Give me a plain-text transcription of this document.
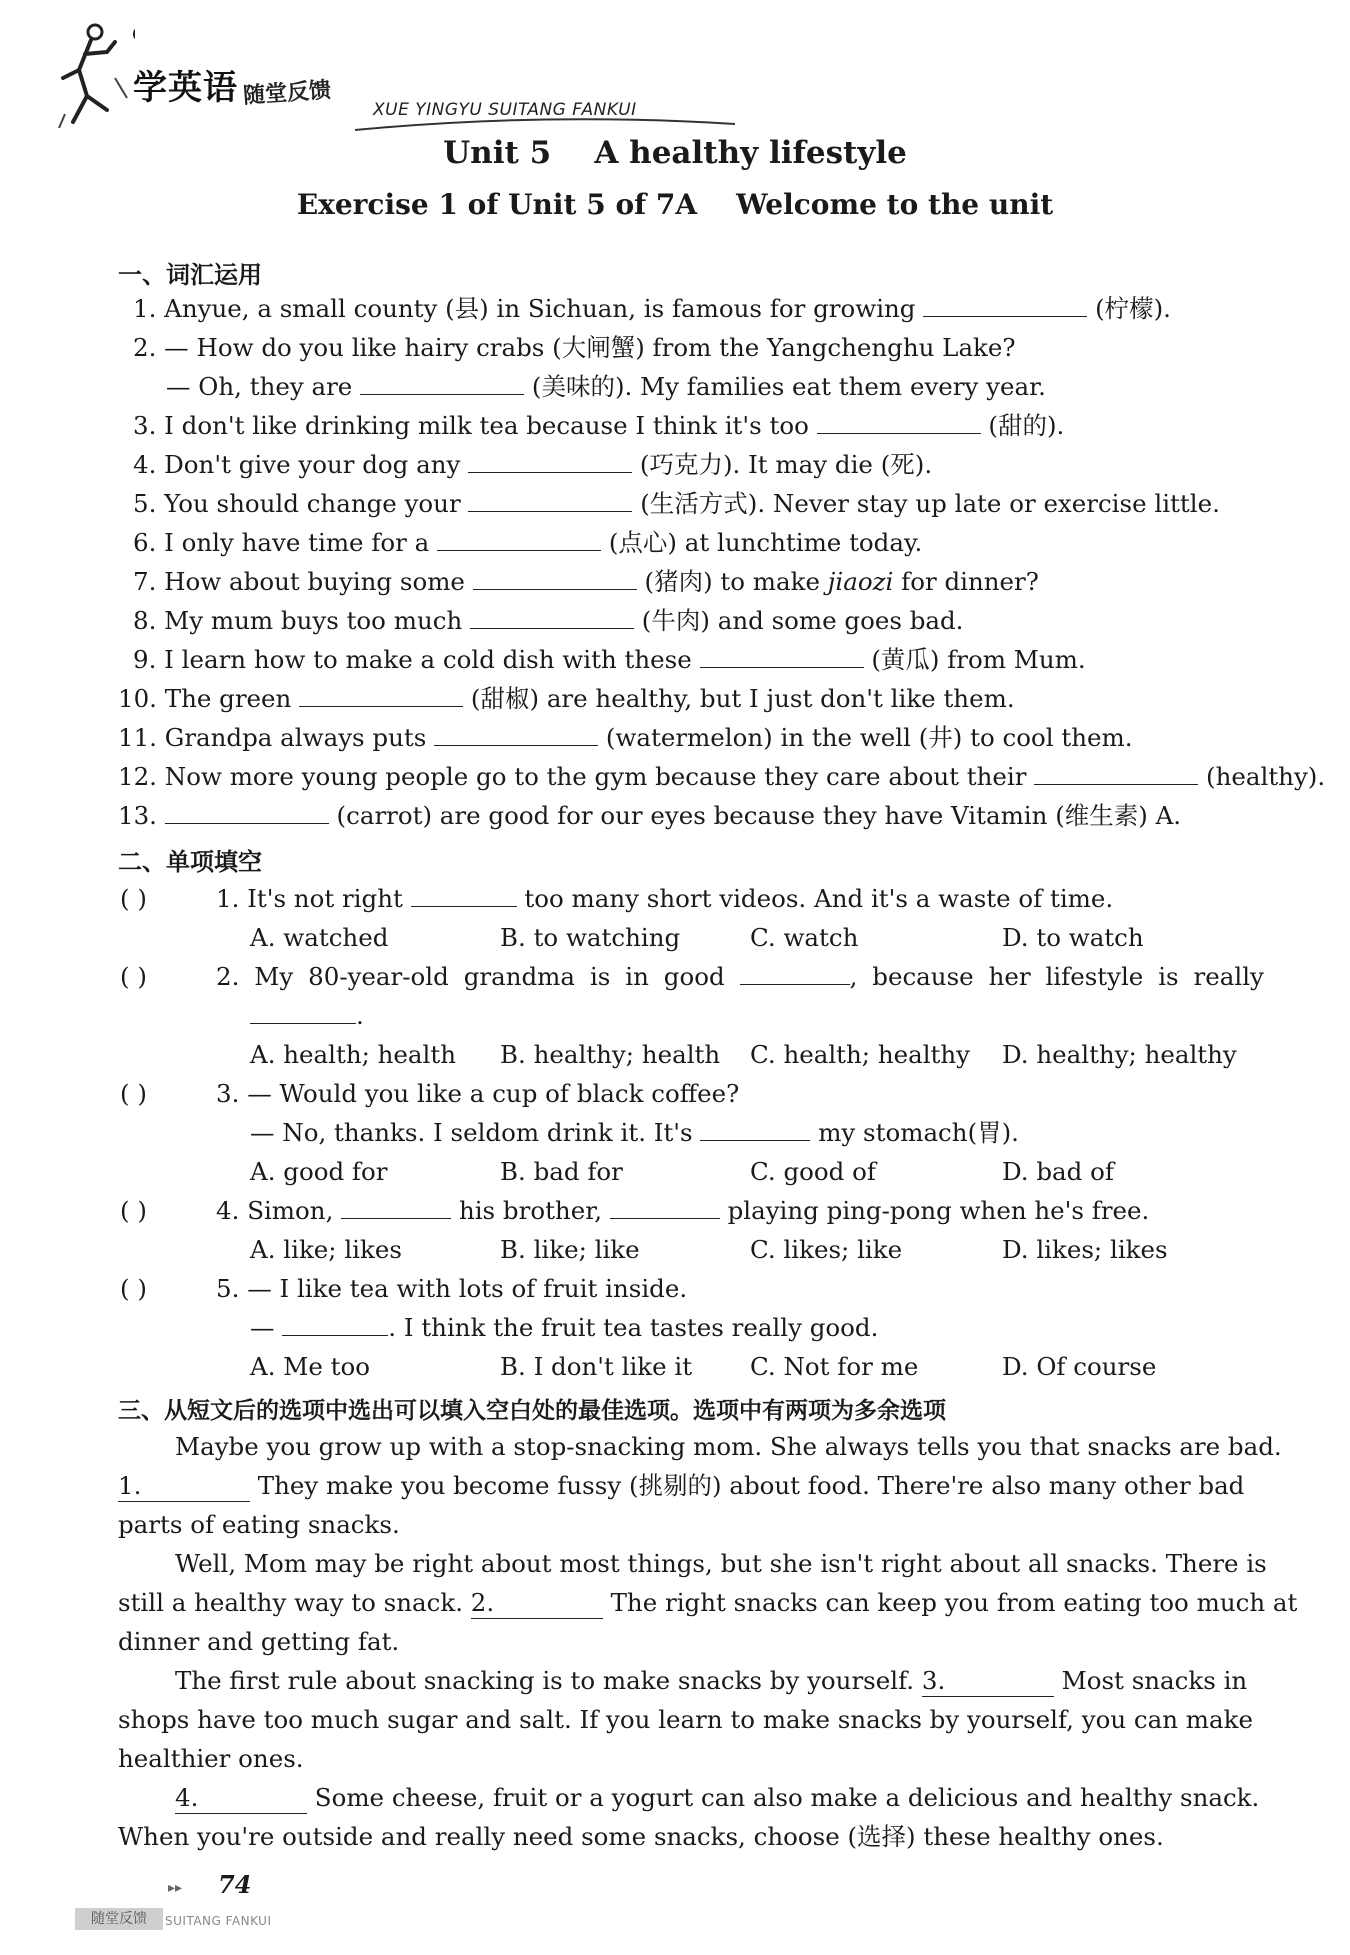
学英语 随堂反馈
XUE YINGYU SUITANG FANKUI
Unit 5    A healthy lifestyle
Exercise 1 of Unit 5 of 7A    Welcome to the unit
一、词汇运用
1. Anyue, a small county (县) in Sichuan, is famous for growing	(柠檬).
2. — How do you like hairy crabs (大闸蟹) from the Yangchenghu Lake?
— Oh, they are	(美味的). My families eat them every year.
3. I don't like drinking milk tea because I think it's too	(甜的).
4. Don't give your dog any	(巧克力). It may die (死).
5. You should change your	(生活方式). Never stay up late or exercise little.
6. I only have time for a	(点心) at lunchtime today.
7. How about buying some	(猪肉) to make jiaozi for dinner?
8. My mum buys too much	(牛肉) and some goes bad.
9. I learn how to make a cold dish with these	(黄瓜) from Mum.
10. The green	(甜椒) are healthy, but I just don't like them.
11. Grandpa always puts	(watermelon) in the well (井) to cool them.
12. Now more young people go to the gym because they care about their	(healthy).
13.	(carrot) are good for our eyes because they have Vitamin (维生素) A.
二、单项填空
( )	1. It's not right	too many short videos. And it's a waste of time.
A. watched	B. to watching	C. watch	D. to watch
( )	2. My 80-year-old grandma is in good	, because her lifestyle is really
.
A. health; health B. healthy; health C. health; healthy D. healthy; healthy
( )	3. — Would you like a cup of black coffee?
— No, thanks. I seldom drink it. It's	my stomach(胃).
A. good for	B. bad for	C. good of	D. bad of
( )	4. Simon,	his brother,	playing ping-pong when he's free.
A. like; likes	B. like; like	C. likes; like	D. likes; likes
( )	5. — I like tea with lots of fruit inside.
—	. I think the fruit tea tastes really good.
A. Me too	B. I don't like it C. Not for me	D. Of course
三、从短文后的选项中选出可以填入空白处的最佳选项。选项中有两项为多余选项
Maybe you grow up with a stop-snacking mom. She always tells you that snacks are bad.
1.	They make you become fussy (挑剔的) about food. There're also many other bad
parts of eating snacks.
Well, Mom may be right about most things, but she isn't right about all snacks. There is
still a healthy way to snack. 2.	The right snacks can keep you from eating too much at
dinner and getting fat.
The first rule about snacking is to make snacks by yourself. 3.	Most snacks in
shops have too much sugar and salt. If you learn to make snacks by yourself, you can make
healthier ones.
4.	Some cheese, fruit or a yogurt can also make a delicious and healthy snack.
When you're outside and really need some snacks, choose (选择) these healthy ones.
▸▸ 74
随堂反馈	SUITANG FANKUI
